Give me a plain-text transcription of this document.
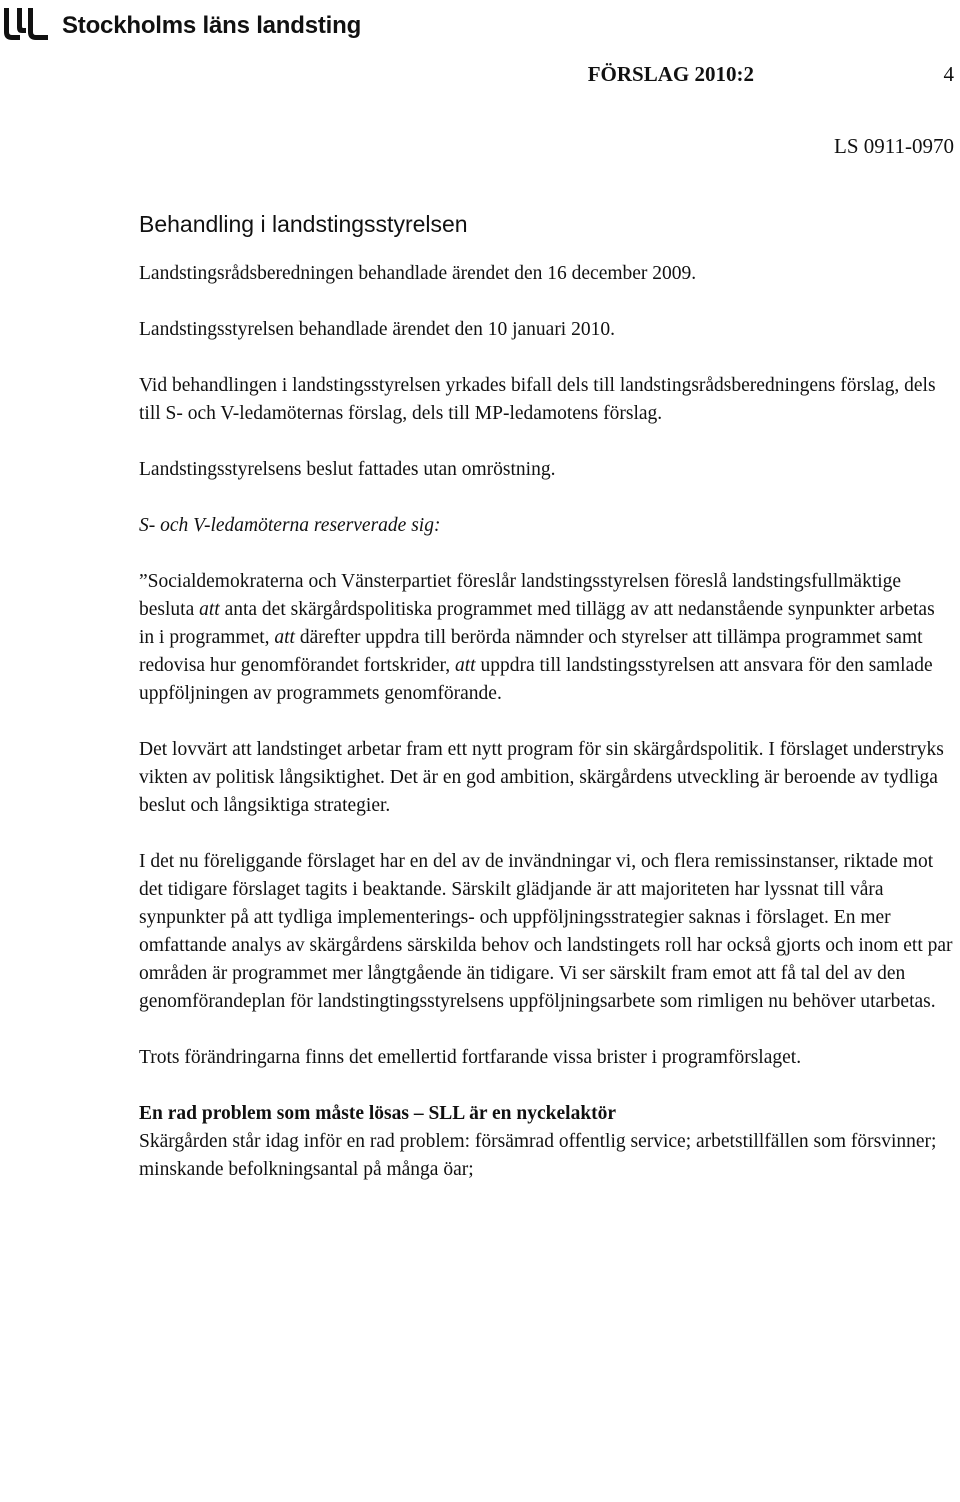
Stockholms läns landsting
FÖRSLAG 2010:2	4
LS 0911-0970
Behandling i landstingsstyrelsen

Landstingsrådsberedningen behandlade ärendet den 16 december 2009.

Landstingsstyrelsen behandlade ärendet den 10 januari 2010.

Vid behandlingen i landstingsstyrelsen yrkades bifall dels till landstingsrådsberedningens förslag, dels till S- och V-ledamöternas förslag, dels till MP-ledamotens förslag.

Landstingsstyrelsens beslut fattades utan omröstning.

S- och V-ledamöterna reserverade sig:

”Socialdemokraterna och Vänsterpartiet föreslår landstingsstyrelsen föreslå landstingsfullmäktige besluta att anta det skärgårdspolitiska programmet med tillägg av att nedanstående synpunkter arbetas in i programmet, att därefter uppdra till berörda nämnder och styrelser att tillämpa programmet samt redovisa hur genomförandet fortskrider, att uppdra till landstingsstyrelsen att ansvara för den samlade uppföljningen av programmets genomförande.

Det lovvärt att landstinget arbetar fram ett nytt program för sin skärgårdspolitik. I förslaget understryks vikten av politisk långsiktighet. Det är en god ambition, skärgårdens utveckling är beroende av tydliga beslut och långsiktiga strategier.

I det nu föreliggande förslaget har en del av de invändningar vi, och flera remissinstanser, riktade mot det tidigare förslaget tagits i beaktande. Särskilt glädjande är att majoriteten har lyssnat till våra synpunkter på att tydliga implementerings- och uppföljningsstrategier saknas i förslaget. En mer omfattande analys av skärgårdens särskilda behov och landstingets roll har också gjorts och inom ett par områden är programmet mer långtgående än tidigare. Vi ser särskilt fram emot att få tal del av den genomförandeplan för landstingtingsstyrelsens uppföljningsarbete som rimligen nu behöver utarbetas.

Trots förändringarna finns det emellertid fortfarande vissa brister i programförslaget.

En rad problem som måste lösas – SLL är en nyckelaktör

Skärgården står idag inför en rad problem: försämrad offentlig service; arbetstillfällen som försvinner; minskande befolkningsantal på många öar;
